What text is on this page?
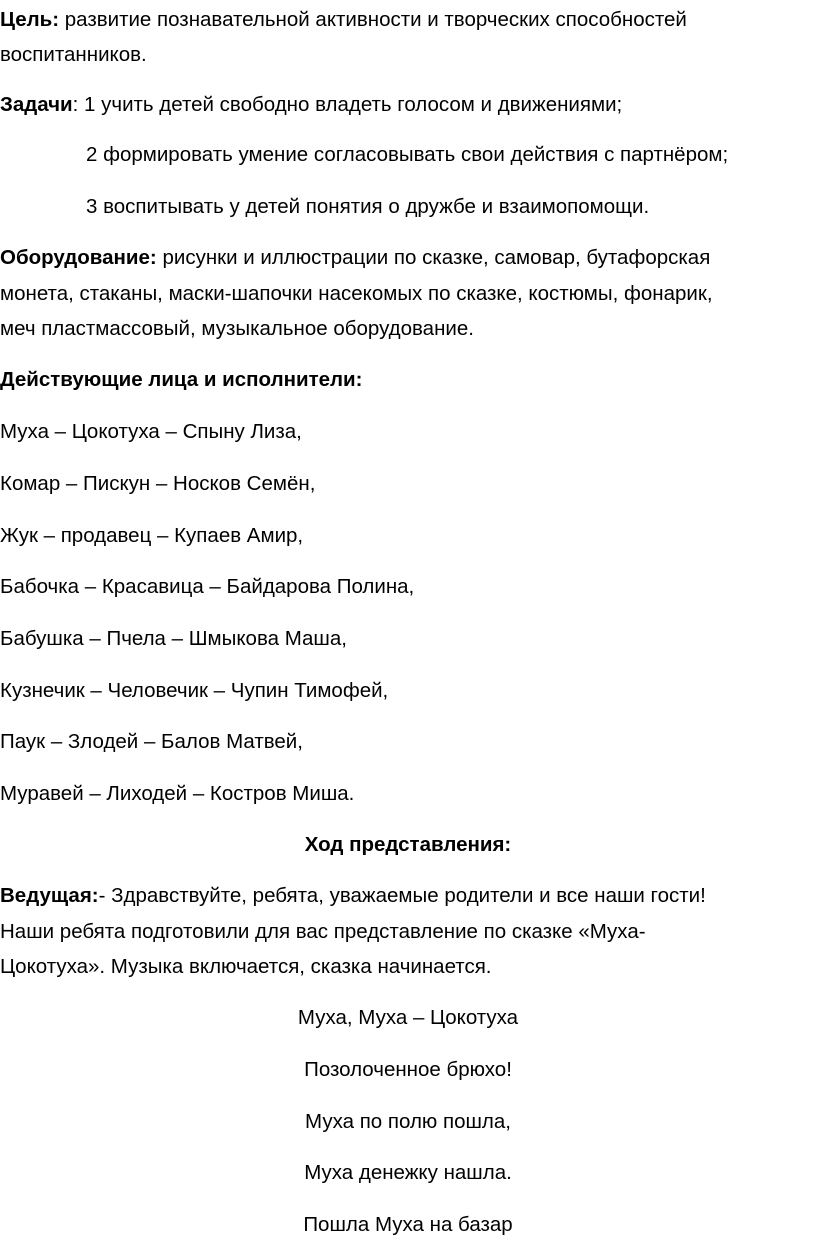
Цель: развитие познавательной активности и творческих способностей
воспитанников.
Задачи: 1 учить детей свободно владеть голосом и движениями;
2 формировать умение согласовывать свои действия с партнёром;
3 воспитывать у детей понятия о дружбе и взаимопомощи.
Оборудование: рисунки и иллюстрации по сказке, самовар, бутафорская
монета, стаканы, маски-шапочки насекомых по сказке, костюмы, фонарик,
меч пластмассовый, музыкальное оборудование.
Действующие лица и исполнители:
Муха – Цокотуха – Спыну Лиза,
Комар – Пискун – Носков Семён,
Жук – продавец – Купаев Амир,
Бабочка – Красавица – Байдарова Полина,
Бабушка – Пчела – Шмыкова Маша,
Кузнечик – Человечик – Чупин Тимофей,
Паук – Злодей – Балов Матвей,
Муравей – Лиходей – Костров Миша.
Ход представления:
Ведущая:- Здравствуйте, ребята, уважаемые родители и все наши гости!
Наши ребята подготовили для вас представление по сказке «Муха-
Цокотуха». Музыка включается, сказка начинается.
Муха, Муха – Цокотуха
Позолоченное брюхо!
Муха по полю пошла,
Муха денежку нашла.
Пошла Муха на базар
